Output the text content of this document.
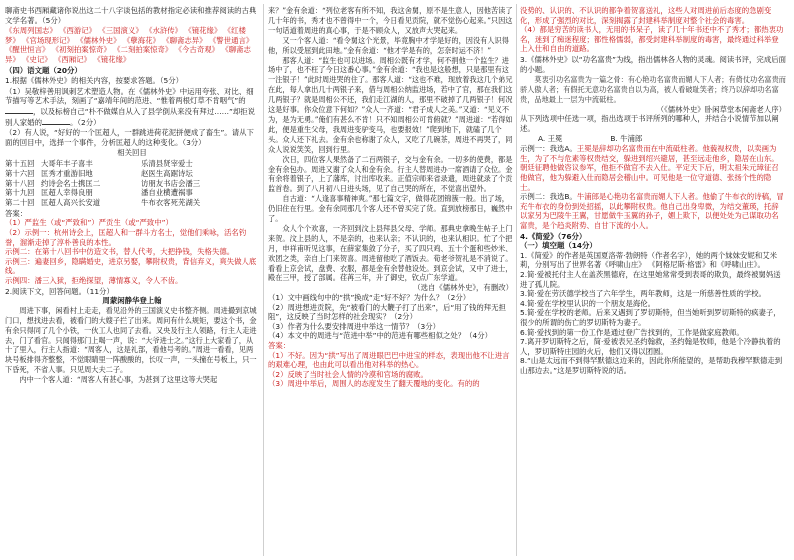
聊斋史书西厢藏诸你说出这二十八字谈包括的教材指定必读和推荐阅读的古典文学名著。（5分）

《东周列国志》 《西游记》 《三国演义》 《水浒传》 《镜花缘》 《红楼梦》 《官场现形记》 《儒林外史》 《孽海花》 《聊斋志异》 《警世通言》 《醒世恒言》 《初刻拍案惊奇》 《二刻拍案惊奇》 《今古奇观》 《聊斋志异》 《史记》 《西厢记》 《镜花缘》

（四）语文题（20分）

1.根据《儒林外史》的相关内容，按要求答题。（5分）

（1）吴敬梓善用讽刺艺术塑造人物。在《儒林外史》中运用夸张、对比、细节描写等艺术手法，刻画了“嘉靖年间的范进、“惟着两根灯草不肯咽气”的，以及标榜自己“朴不做媒自从入了县学倒从来没有拜过……”却拒说别人家婚的	。（2分）

（2）有人说，“好好的一个匡超人，一群跳进荷花泥拼便成了畜生”。请从下面的回目中，选择一个事件，分析匡超人的这种变化。（3分）

相关回目

第十五回	大哥年丰子喜丰	乐清县贤宰爱士
第十六回	匡秀才重游旧地	赵医生高踞诗坛
第十八回	约诗会名士携匡二	访朋友书店会潘三
第十九回	匡超人幸得良朋	潘自业横遭祸事
第二十回	匡超人高兴长安道	牛布衣客死芜湖关

答案：

（1）严监生（或“严致和”）严贡生（或“严致中”）

（2）示例一：杭州诗会上，匡超人和一群斗方名士，觉他们乘咏，活名钓誉，溜渐走掉了淳朴善良的本性。

示例二：在第十八回书中仿造文书，替人代考，大把挣钱，失格失德。

示例三：遍妻回乡，隐瞒婚史，进京另娶，攀附权贵，背信弃义，爽失做人底线。

示例四：潘三入狱，拒绝探望，薄情寡义，令人不齿。

2.阅读下文，回答问题。（11分）

周蒙闲静华登上翰

周进下事，闲看村上走走，看见沿外的三国演义史书整齐侧。周进撮到京城门口，想找进去看，被看门的大嫂子拦了出来。周问有什么规矩，要这个书，金有余只得同了几个小铁，一伙工人也同了去看。又央及行主人领路，行主人走进去，门了看官。只闻得那门上喝一声，说：“大爷进士之。”这行上大家看了，从十了里入，行主人指道：“周客人，这是礼部，看他号考的。”周进一看看，见两块号板排得齐整整，不觉眼睛里一阵酸酸的，长叹一声，一头撞在号板上，只一下昏死，不省人事。只见周大夫二子。

内中一个客人道：“周客人有甚心事，为甚到了这里这等大哭起

来？”金有余道：“列位老客有所不知，我这舍舅，原不是生意人，因他苦读了几十年的书，秀才也不曾得中一个，今日看见贡院，就不觉伤心起来。”只因这一句话道着周进的真心事，于是不顾众人，又放声大哭起来。

又一个客人道：“看令舅这个光景，毕竟胸中才学是好的，因没有人识得他，所以受屈到此田地。”金有余道：“他才学是有的，怎奈时运不济！”

那客人道：“监生也可以进场。周相公既有才学，何不捐他一个监生？进场中了，也不枉了今日这番心事。”金有余道：“我也是这般想，只是那里有这一注银子！”此时周进哭的住了。那客人道：“这也不难，现放着我这几个弟兄在此，每人拿出几十两银子来，借与周相公纳监进场，若中了官，那在我们这几两银子？就是周相公不还，我们走江湖的人，那里不破掉了几两银子！何况这是好事。你众位意下何如？”众人一齐道：“君子成人之美。”又道：“见义不为，是为无勇。”俺们有甚么不肯！只不知周相公可肯俯就？”周进道：“若得如此，便是重生父母，我周进变驴变马，也要报效！”爬到地下，就磕了几个头。众人还下礼去。金有余也称谢了众人，又吃了几碗茶，周进不再哭了，同众人说说笑笑，回到行里。

次日，四位客人果然备了二百两银子，交与金有余。一切多的使费，都是金有余包办。周进又谢了众人和金有余。行主人替周进办一席酒请了众位。金有余将着银子，上了藩库，讨出库收来。正值宗师来省录遗，周进就录了个贡监首卷。到了八月初八日进头场，见了自己哭的所在，不觉喜出望外。

自古道：“人逢喜事精神爽。”那七篇文字，做得花团锦簇一般。出了场，仍旧住在行里。金有余同那几个客人还不曾买完了货。直到放榜那日，巍然中了。

众人个个欢喜，一齐回到汶上县拜县父母、学师。那典史拿晚生帖子上门来贺。汶上县的人，不是亲的，也来认亲；不认识的，也来认相识。忙了个把月，申祥甫听见这事，在薛家集敛了分子，买了四只鸡、五十个蛋和些炒米、欢团之类，亲自上门来贺喜。周进留他吃了酒饭去。荀老爷贺礼是不消说了。看看上京会试，盘费、衣服，都是金有余替他设处。到京会试，又中了进士，殿在三甲，授了部属。荏苒三年，升了御史，钦点广东学道。

（选自《儒林外史》，有删改）

（1）文中画线句中的“拱”换成“走”好不好？为什么？（2分）

（2）周进想进贡院，先“被看门的大鞭子打了出来”，后“用了钱的拜无担阻”，这反映了当时怎样的社会现实？（2分）

（3）作者为什么要安排周进中举这一情节？（3分）

（4）本文中的周进与“范进中举”中的范进有哪些相似之处？（4分）

答案：

（1）不好。因为“拱”写出了周进眼巴巴中进宝的样态，表现出他不让进言的艰难心理，也由此可以看出他对科举的热心。

（2）反映了当时社会人情的冷漠和官场的腐败。

（3）周进中举后，周围人的态度发生了翻天覆地的变化。有的的

没势的、认识的、不认识的都争着贺喜送礼，这些人对周进前后态度的急剧变化，形成了强烈的对比，深刻揭露了封建科举制度对整个社会的毒害。

（4）都是穷苦的读书人，无用的书呆子，读了几十年书还中不了秀才；都热衷功名，迷到了痴迷程度；都性格懦弱，都受封建科举制度的毒害，最终通过科举登上入仕和自由的道路。

3.《儒林外史》以“功名富贵”为线，指出儒林各人物的灵魂。阅读书评，完成后面的小题。

莫衷引功名富贵为一篇之骨：有心艳功名富贵而媚人下人者；有倚仗功名富贵而骄人傲人者；有假托无意功名富贵自以为高，被人看破耻笑者；终乃以辞却功名富贵，品地最上一层为中流砥柱。

（《儒林外史》卧闲草堂本闲斋老人序）

从下列选项中任选一项，指出选项于书评所列的哪种人，并结合小说情节加以阐述。

A. 王冕	B. 牛浦郎

示例一：我选A。王冕是辞却功名富贵而在中流砥柱者。他藐视权贵，以卖画为生，为了不与危素等权贵结交，躲进到绍兴避居，甚至远走他乡，隐居在山东。朝廷征聘他做咨议参军，他拒不做官不去入仕。平定天下后，明太祖朱元璋征召他做官，他为躲避入仕而隐居会稽山中。可见他是一位守道德、张扬个性的隐士。

示例二：我选B。牛浦郎是心艳功名富贵而媚人下人者。他偷了牛布衣的诗稿，冒充牛布衣的身份到处招摇，以此攀附权贵。他自己出身卑微，为结交董瑛，托辞以家另为巴陵牛王翼，甘愿做牛玉翼的孙子，媚上欺下，以便处处为己谋取功名富贵，是个趋炎附势、自甘下流的小人。

4.《简爱》（76分）

（一）填空题（14分）

1.《简爱》的作者是英国夏洛蒂·勃朗特（作者名字），她的两个妹妹安妮和艾米莉，分别写出了世界名著《呼啸山庄》 《阿格尼斯·格雷》和《呼啸山庄》。

2.简·爱被托付主人在盖茨黑德府，在这里她常常受到表哥的欺负，最终被舅妈送进了孤儿院。

3.简·爱在劳沃德学校当了六年学生，两年教师，这是一所慈善性质的学校。

4.简·爱在学校里认识的一个朋友是海伦。

5.简·爱在学校的老师。后来又遇到了罗切斯特，但当她听到罗切斯特的疯妻子，很少的所谓的伤亡的罗切斯特为妻子。

6.简·爱找到的第一份工作是通过登广告找到的，工作是做家庭教师。

7.离开罗切斯特之后，简·爱被表兄圣约翰救，圣约翰是牧师，他是个冷静执着的人，罗切斯特庄园的火后，他们又得以团圆。

8.“山是太远而不到得罕默德这边来的，因此你所能望的，是帮助我穆罕默德走到山那边去。”这是罗切斯特说的话。
